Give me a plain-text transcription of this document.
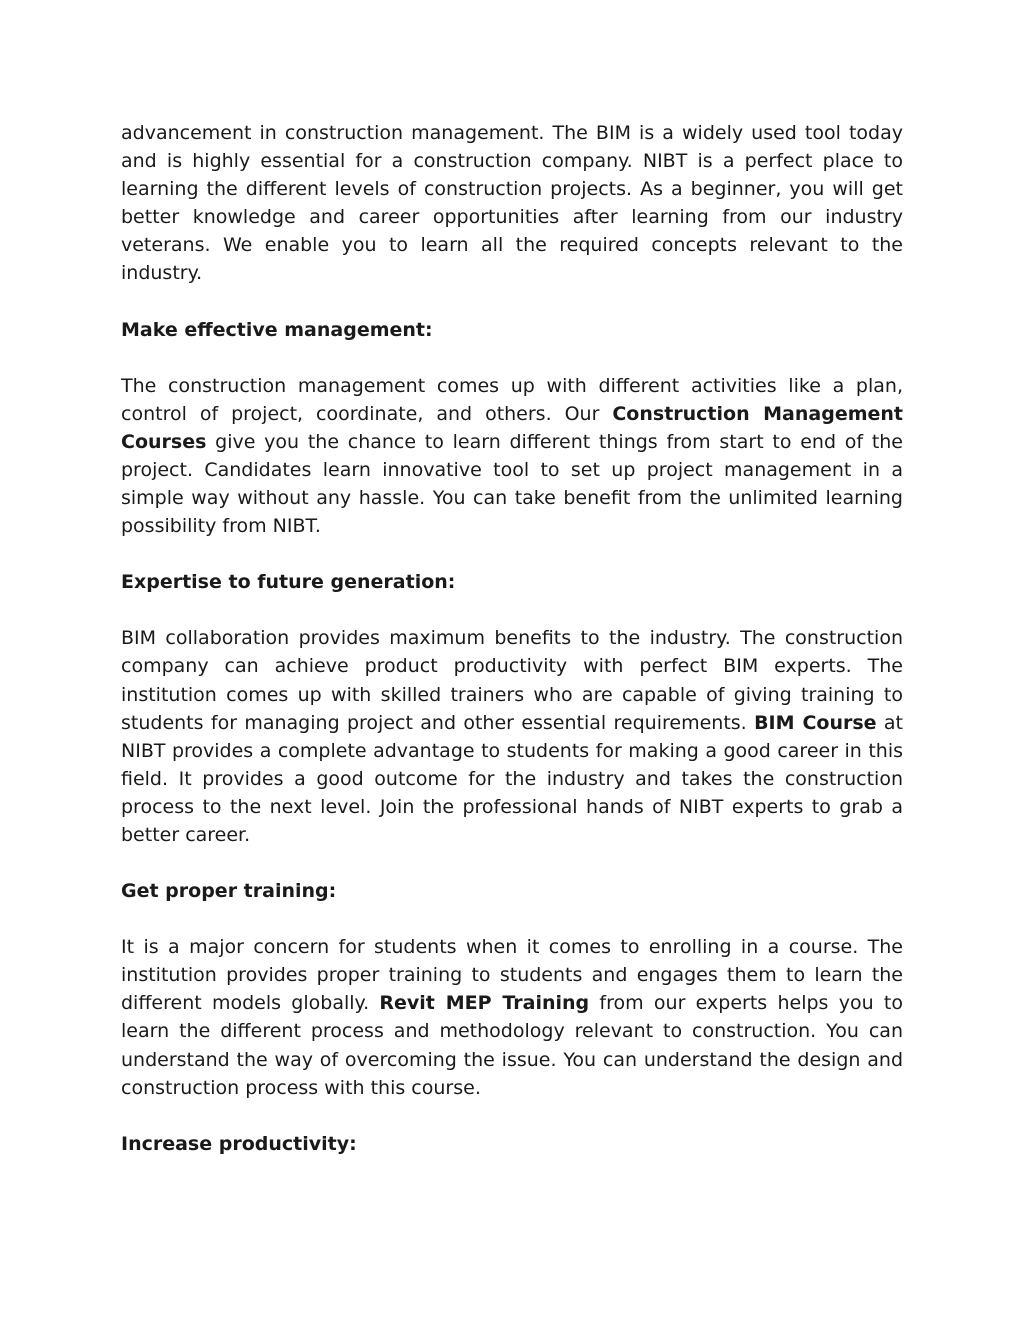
advancement in construction management. The BIM is a widely used tool today and is highly essential for a construction company. NIBT is a perfect place to learning the different levels of construction projects. As a beginner, you will get better knowledge and career opportunities after learning from our industry veterans. We enable you to learn all the required concepts relevant to the industry.

Make effective management:

The construction management comes up with different activities like a plan, control of project, coordinate, and others. Our Construction Management Courses give you the chance to learn different things from start to end of the project. Candidates learn innovative tool to set up project management in a simple way without any hassle. You can take benefit from the unlimited learning possibility from NIBT.

Expertise to future generation:

BIM collaboration provides maximum benefits to the industry. The construction company can achieve product productivity with perfect BIM experts. The institution comes up with skilled trainers who are capable of giving training to students for managing project and other essential requirements. BIM Course at NIBT provides a complete advantage to students for making a good career in this field. It provides a good outcome for the industry and takes the construction process to the next level. Join the professional hands of NIBT experts to grab a better career.

Get proper training:

It is a major concern for students when it comes to enrolling in a course. The institution provides proper training to students and engages them to learn the different models globally. Revit MEP Training from our experts helps you to learn the different process and methodology relevant to construction. You can understand the way of overcoming the issue. You can understand the design and construction process with this course.

Increase productivity:
